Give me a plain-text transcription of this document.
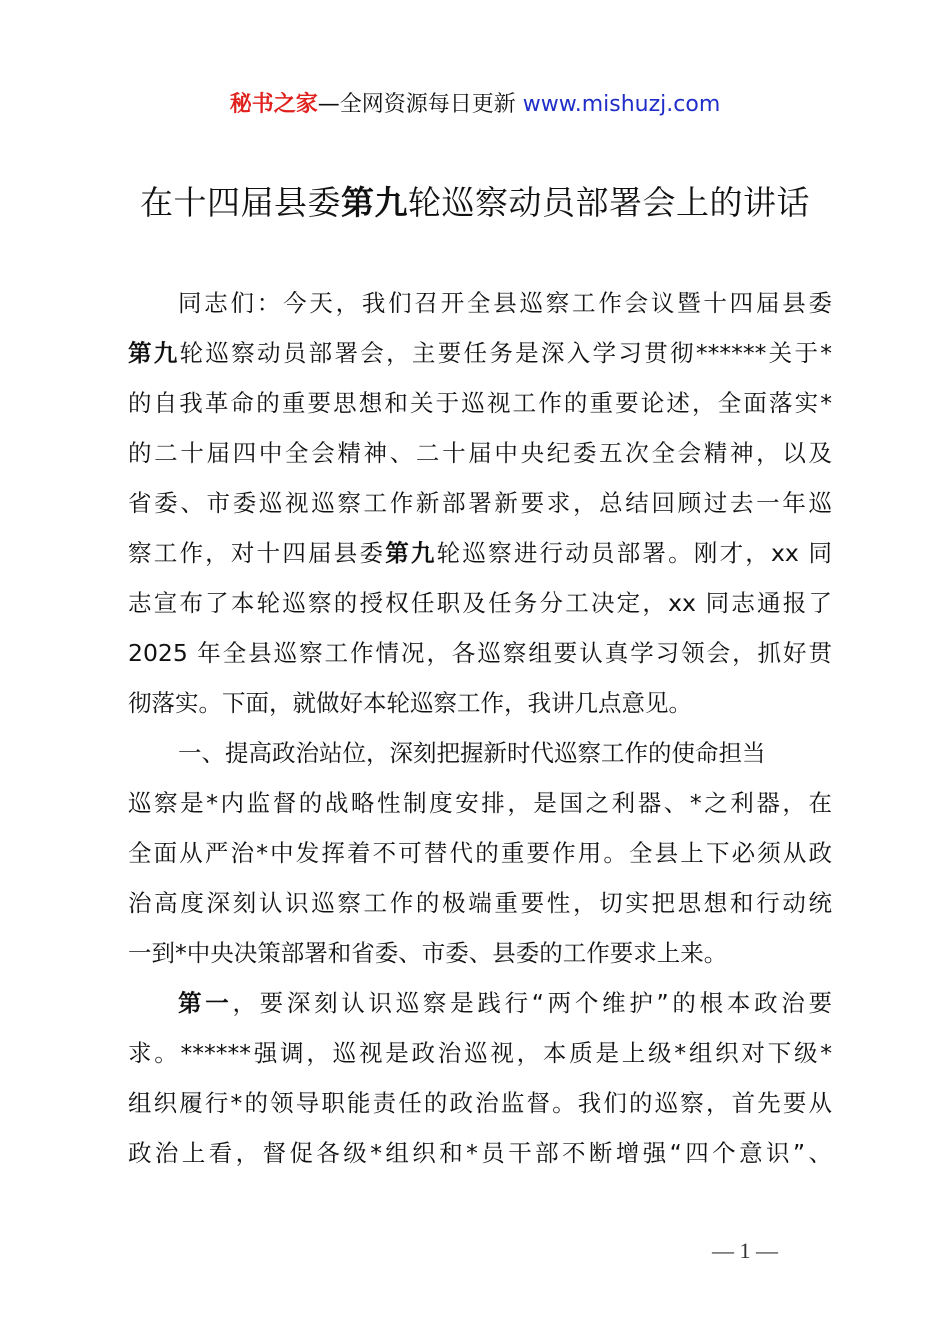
秘书之家—全网资源每日更新 www.mishuzj.com
在十四届县委第九轮巡察动员部署会上的讲话
同志们：今天，我们召开全县巡察工作会议暨十四届县委
第九轮巡察动员部署会，主要任务是深入学习贯彻******关于*
的自我革命的重要思想和关于巡视工作的重要论述，全面落实*
的二十届四中全会精神、二十届中央纪委五次全会精神，以及
省委、市委巡视巡察工作新部署新要求，总结回顾过去一年巡
察工作，对十四届县委第九轮巡察进行动员部署。刚才，xx 同
志宣布了本轮巡察的授权任职及任务分工决定，xx 同志通报了
2025 年全县巡察工作情况，各巡察组要认真学习领会，抓好贯
彻落实。下面，就做好本轮巡察工作，我讲几点意见。
一、提高政治站位，深刻把握新时代巡察工作的使命担当
巡察是*内监督的战略性制度安排，是国之利器、*之利器，在
全面从严治*中发挥着不可替代的重要作用。全县上下必须从政
治高度深刻认识巡察工作的极端重要性，切实把思想和行动统
一到*中央决策部署和省委、市委、县委的工作要求上来。
第一，要深刻认识巡察是践行“两个维护”的根本政治要
求。******强调，巡视是政治巡视，本质是上级*组织对下级*
组织履行*的领导职能责任的政治监督。我们的巡察，首先要从
政治上看，督促各级*组织和*员干部不断增强“四个意识”、
— 1 —
